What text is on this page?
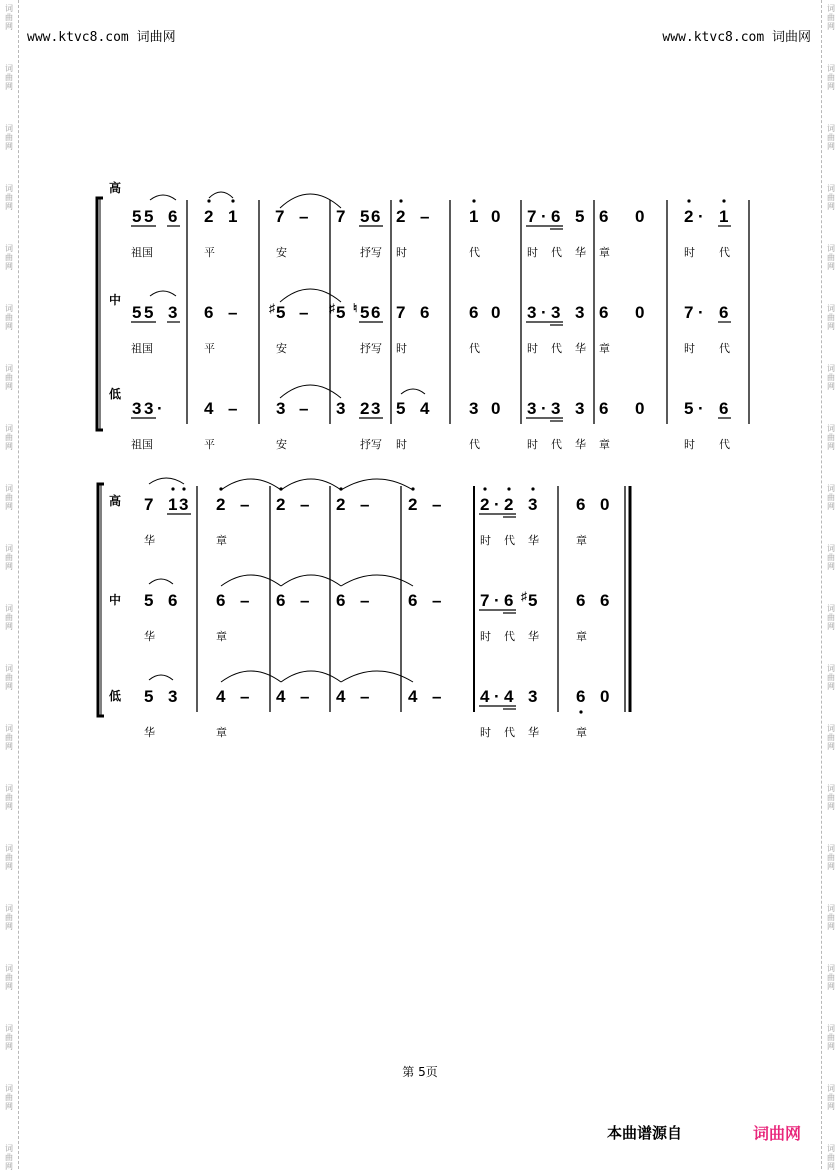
词
曲
网
词
曲
网
词
曲
网
词
曲
网
词
曲
网
词
曲
网
词
曲
网
词
曲
网
词
曲
网
词
曲
网
词
曲
网
词
曲
网
词
曲
网
词
曲
网
词
曲
网
词
曲
网
词
曲
网
词
曲
网
词
曲
网
词
曲
网
词
曲
网
词
曲
网
词
曲
网
词
曲
网
词
曲
网
词
曲
网
词
曲
网
词
曲
网
词
曲
网
词
曲
网
词
曲
网
词
曲
网
词
曲
网
词
曲
网
词
曲
网
词
曲
网
词
曲
网
词
曲
网
词
曲
网
词
曲
网
www.ktvc8.com 词曲网	www.ktvc8.com 词曲网
高
中
低
5 5 6 2 1 7 – 7 5 6 2 – 1 0 7 · 6 5 6 0 2 · 1
5 5 3 6 –	♯ 5 – ♯ 5 ♮ 5 6 7 6 6 0 3 · 3 3 6 0 7 · 6
3 3 · 4 – 3 – 3 2 3 5 4 3 0 3 · 3 3 6 0 5 · 6
祖国	平	安	抒写 时	代	时 代 华 章	时 代
祖国	平	安	抒写 时	代	时 代 华 章	时 代
祖国	平	安	抒写 时	代	时 代 华 章	时 代
高
中
低
7 1 3 2 – 2 – 2 – 2 – 2 · 2 3 6 0
5 6 6 – 6 – 6 – 6 – 7 · 6 ♯ 5 6 6
5 3 4 – 4 – 4 – 4 – 4 · 4 3 6 0
华	章	时 代 华	章
华	章	时 代 华	章
华	章	时 代 华	章
第 5页
本曲谱源自	词曲网
